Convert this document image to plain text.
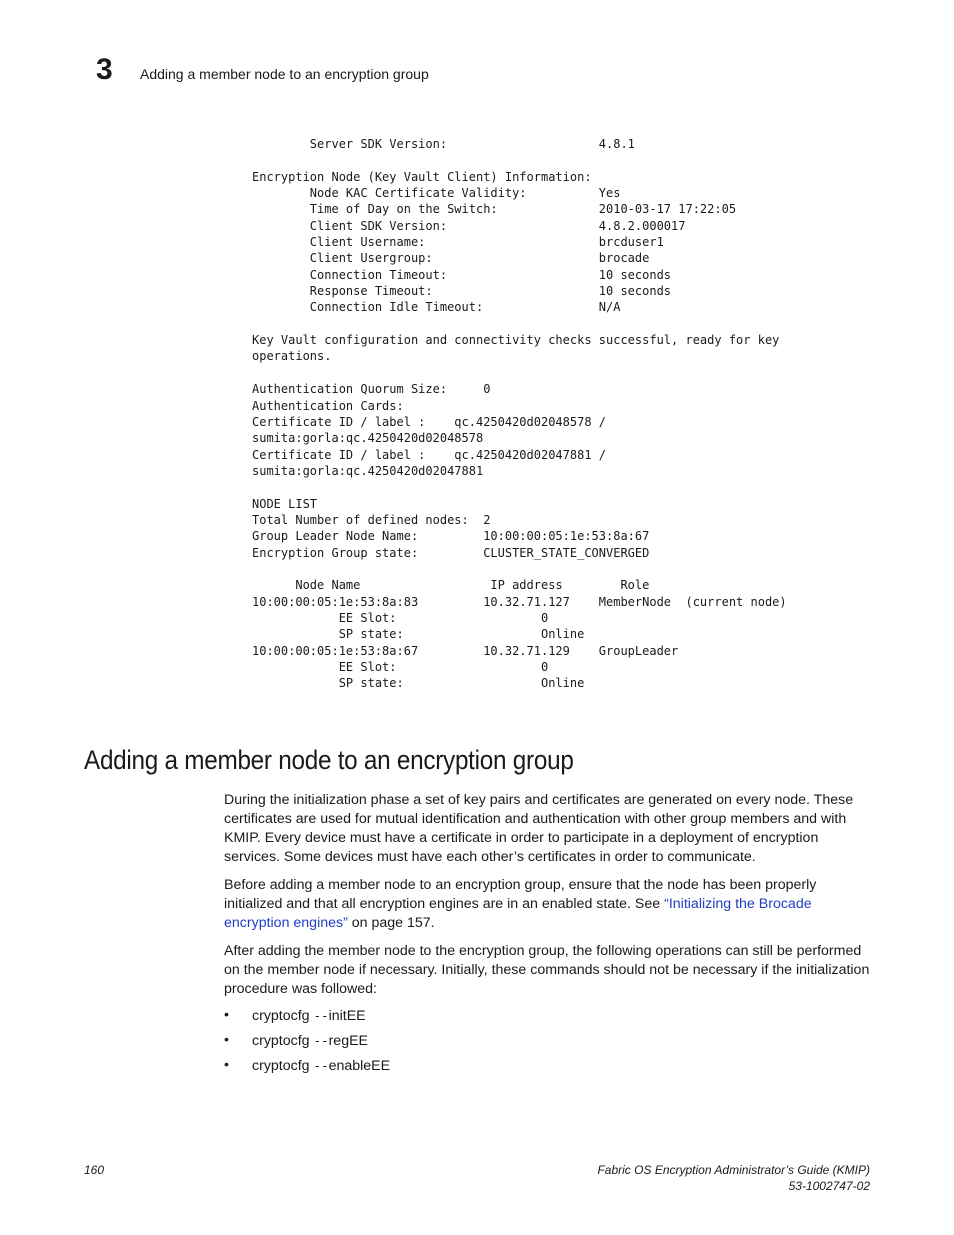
3 Adding a member node to an encryption group
Server SDK Version:                     4.8.1

Encryption Node (Key Vault Client) Information:
Node KAC Certificate Validity:          Yes
Time of Day on the Switch:              2010-03-17 17:22:05
Client SDK Version:                     4.8.2.000017
Client Username:                        brcduser1
Client Usergroup:                       brocade
Connection Timeout:                     10 seconds
Response Timeout:                       10 seconds
Connection Idle Timeout:                N/A

Key Vault configuration and connectivity checks successful, ready for key
operations.

Authentication Quorum Size:     0
Authentication Cards:
Certificate ID / label :    qc.4250420d02048578 /
sumita:gorla:qc.4250420d02048578
Certificate ID / label :    qc.4250420d02047881 /
sumita:gorla:qc.4250420d02047881

NODE LIST
Total Number of defined nodes:  2
Group Leader Node Name:         10:00:00:05:1e:53:8a:67
Encryption Group state:         CLUSTER_STATE_CONVERGED

Node Name                  IP address        Role
10:00:00:05:1e:53:8a:83         10.32.71.127    MemberNode  (current node)
EE Slot:                    0
SP state:                   Online
10:00:00:05:1e:53:8a:67         10.32.71.129    GroupLeader
EE Slot:                    0
SP state:                   Online
Adding a member node to an encryption group

During the initialization phase a set of key pairs and certificates are generated on every node. These certificates are used for mutual identification and authentication with other group members and with KMIP. Every device must have a certificate in order to participate in a deployment of encryption services. Some devices must have each other’s certificates in order to communicate.

Before adding a member node to an encryption group, ensure that the node has been properly initialized and that all encryption engines are in an enabled state. See “Initializing the Brocade encryption engines” on page 157.

After adding the member node to the encryption group, the following operations can still be performed on the member node if necessary. Initially, these commands should not be necessary if the initialization procedure was followed:

• cryptocfg --initEE
• cryptocfg --regEE
• cryptocfg --enableEE
160	Fabric OS Encryption Administrator’s Guide (KMIP)
53-1002747-02
